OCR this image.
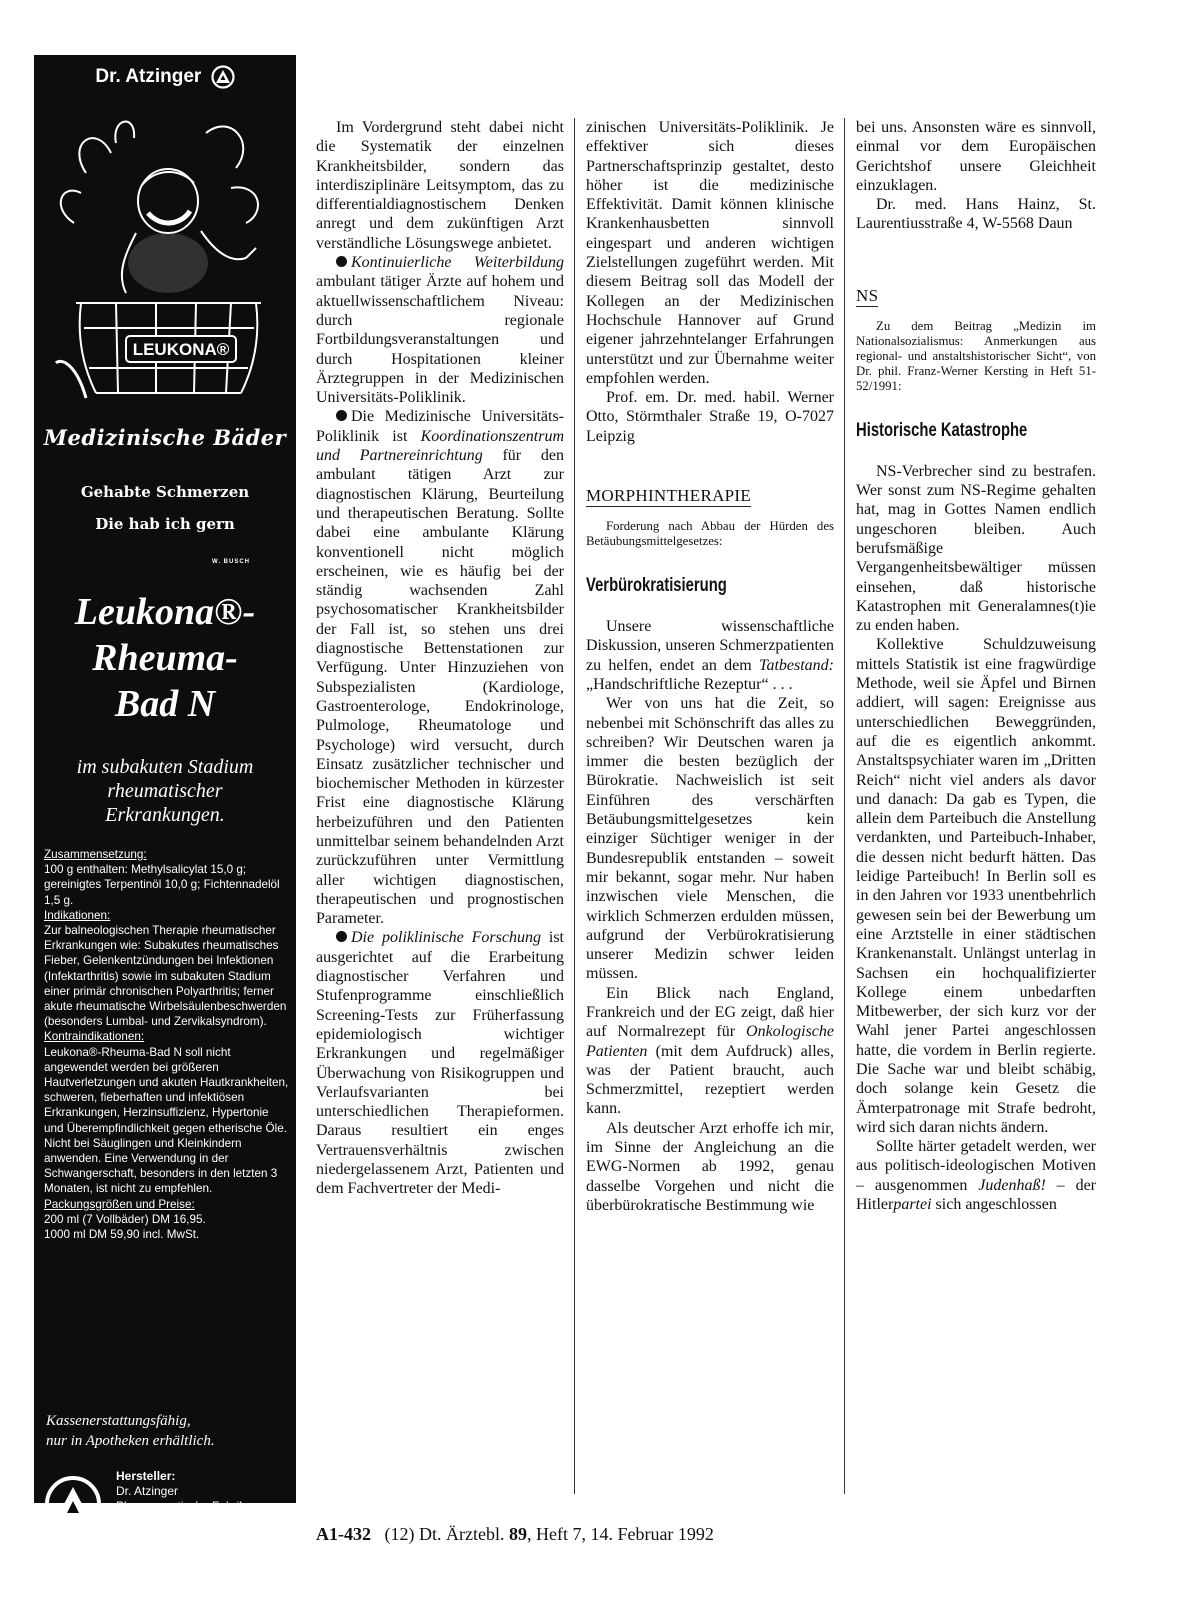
Dr. Atzinger
LEUKONA®
Medizinische Bäder
Gehabte Schmerzen
Die hab ich gern
W. BUSCH
Leukona®-
Rheuma-
Bad N
im subakuten Stadium
rheumatischer
Erkrankungen.
Zusammensetzung:
100 g enthalten: Methylsalicylat 15,0 g; gereinigtes Terpentinöl 10,0 g; Fichtennadelöl 1,5 g.
Indikationen:
Zur balneologischen Therapie rheumatischer Erkrankungen wie: Subakutes rheumatisches Fieber, Gelenkentzündungen bei Infektionen (Infektarthritis) sowie im subakuten Stadium einer primär chronischen Polyarthritis; ferner akute rheumatische Wirbelsäulenbeschwerden (besonders Lumbal- und Zervikalsyndrom).
Kontraindikationen:
Leukona®-Rheuma-Bad N soll nicht angewendet werden bei größeren Hautverletzungen und akuten Hautkrankheiten, schweren, fieberhaften und infektiösen Erkrankungen, Herzinsuffizienz, Hypertonie und Überempfindlichkeit gegen etherische Öle. Nicht bei Säuglingen und Kleinkindern anwenden. Eine Verwendung in der Schwangerschaft, besonders in den letzten 3 Monaten, ist nicht zu empfehlen.
Packungsgrößen und Preise:
200 ml (7 Vollbäder) DM 16,95.
1000 ml DM 59,90 incl. MwSt.
Kassenerstattungsfähig,
nur in Apotheken erhältlich.
Hersteller:
Dr. Atzinger
Pharmazeutische Fabrik
8390 Passau

Im Vordergrund steht dabei nicht die Systematik der einzelnen Krankheitsbilder, sondern das interdisziplinäre Leitsymptom, das zu differentialdiagnostischem Denken anregt und dem zukünftigen Arzt verständliche Lösungswege anbietet.

Kontinuierliche Weiterbildung ambulant tätiger Ärzte auf hohem und aktuellwissenschaftlichem Niveau: durch regionale Fortbildungsveranstaltungen und durch Hospitationen kleiner Ärztegruppen in der Medizinischen Universitäts-Poliklinik.

Die Medizinische Universitäts-Poliklinik ist Koordinationszentrum und Partnereinrichtung für den ambulant tätigen Arzt zur diagnostischen Klärung, Beurteilung und therapeutischen Beratung. Sollte dabei eine ambulante Klärung konventionell nicht möglich erscheinen, wie es häufig bei der ständig wachsenden Zahl psychosomatischer Krankheitsbilder der Fall ist, so stehen uns drei diagnostische Bettenstationen zur Verfügung. Unter Hinzuziehen von Subspezialisten (Kardiologe, Gastroenterologe, Endokrinologe, Pulmologe, Rheumatologe und Psychologe) wird versucht, durch Einsatz zusätzlicher technischer und biochemischer Methoden in kürzester Frist eine diagnostische Klärung herbeizuführen und den Patienten unmittelbar seinem behandelnden Arzt zurückzuführen unter Vermittlung aller wichtigen diagnostischen, therapeutischen und prognostischen Parameter.

Die poliklinische Forschung ist ausgerichtet auf die Erarbeitung diagnostischer Verfahren und Stufenprogramme einschließlich Screening-Tests zur Früherfassung epidemiologisch wichtiger Erkrankungen und regelmäßiger Überwachung von Risikogruppen und Verlaufsvarianten bei unterschiedlichen Therapieformen. Daraus resultiert ein enges Vertrauensverhältnis zwischen niedergelassenem Arzt, Patienten und dem Fachvertreter der Medi-

zinischen Universitäts-Poliklinik. Je effektiver sich dieses Partnerschaftsprinzip gestaltet, desto höher ist die medizinische Effektivität. Damit können klinische Krankenhausbetten sinnvoll eingespart und anderen wichtigen Zielstellungen zugeführt werden. Mit diesem Beitrag soll das Modell der Kollegen an der Medizinischen Hochschule Hannover auf Grund eigener jahrzehntelanger Erfahrungen unterstützt und zur Übernahme weiter empfohlen werden.

Prof. em. Dr. med. habil. Werner Otto, Störmthaler Straße 19, O-7027 Leipzig

MORPHINTHERAPIE

Forderung nach Abbau der Hürden des Betäubungsmittelgesetzes:

Verbürokratisierung

Unsere wissenschaftliche Diskussion, unseren Schmerzpatienten zu helfen, endet an dem Tatbestand: „Handschriftliche Rezeptur“ . . .

Wer von uns hat die Zeit, so nebenbei mit Schönschrift das alles zu schreiben? Wir Deutschen waren ja immer die besten bezüglich der Bürokratie. Nachweislich ist seit Einführen des verschärften Betäubungsmittelgesetzes kein einziger Süchtiger weniger in der Bundesrepublik entstanden – soweit mir bekannt, sogar mehr. Nur haben inzwischen viele Menschen, die wirklich Schmerzen erdulden müssen, aufgrund der Verbürokratisierung unserer Medizin schwer leiden müssen.

Ein Blick nach England, Frankreich und der EG zeigt, daß hier auf Normalrezept für Onkologische Patienten (mit dem Aufdruck) alles, was der Patient braucht, auch Schmerzmittel, rezeptiert werden kann.

Als deutscher Arzt erhoffe ich mir, im Sinne der Angleichung an die EWG-Normen ab 1992, genau dasselbe Vorgehen und nicht die überbürokratische Bestimmung wie

bei uns. Ansonsten wäre es sinnvoll, einmal vor dem Europäischen Gerichtshof unsere Gleichheit einzuklagen.

Dr. med. Hans Hainz, St. Laurentiusstraße 4, W-5568 Daun

NS

Zu dem Beitrag „Medizin im Nationalsozialismus: Anmerkungen aus regional- und anstaltshistorischer Sicht“, von Dr. phil. Franz-Werner Kersting in Heft 51-52/1991:

Historische Katastrophe

NS-Verbrecher sind zu bestrafen. Wer sonst zum NS-Regime gehalten hat, mag in Gottes Namen endlich ungeschoren bleiben. Auch berufsmäßige Vergangenheitsbewältiger müssen einsehen, daß historische Katastrophen mit Generalamnes(t)ie zu enden haben.

Kollektive Schuldzuweisung mittels Statistik ist eine fragwürdige Methode, weil sie Äpfel und Birnen addiert, will sagen: Ereignisse aus unterschiedlichen Beweggründen, auf die es eigentlich ankommt. Anstaltspsychiater waren im „Dritten Reich“ nicht viel anders als davor und danach: Da gab es Typen, die allein dem Parteibuch die Anstellung verdankten, und Parteibuch-Inhaber, die dessen nicht bedurft hätten. Das leidige Parteibuch! In Berlin soll es in den Jahren vor 1933 unentbehrlich gewesen sein bei der Bewerbung um eine Arztstelle in einer städtischen Krankenanstalt. Unlängst unterlag in Sachsen ein hochqualifizierter Kollege einem unbedarften Mitbewerber, der sich kurz vor der Wahl jener Partei angeschlossen hatte, die vordem in Berlin regierte. Die Sache war und bleibt schäbig, doch solange kein Gesetz die Ämterpatronage mit Strafe bedroht, wird sich daran nichts ändern.

Sollte härter getadelt werden, wer aus politisch-ideologischen Motiven – ausgenommen Judenhaß! – der Hitlerpartei sich angeschlossen

A1-432 (12) Dt. Ärztebl. 89, Heft 7, 14. Februar 1992
